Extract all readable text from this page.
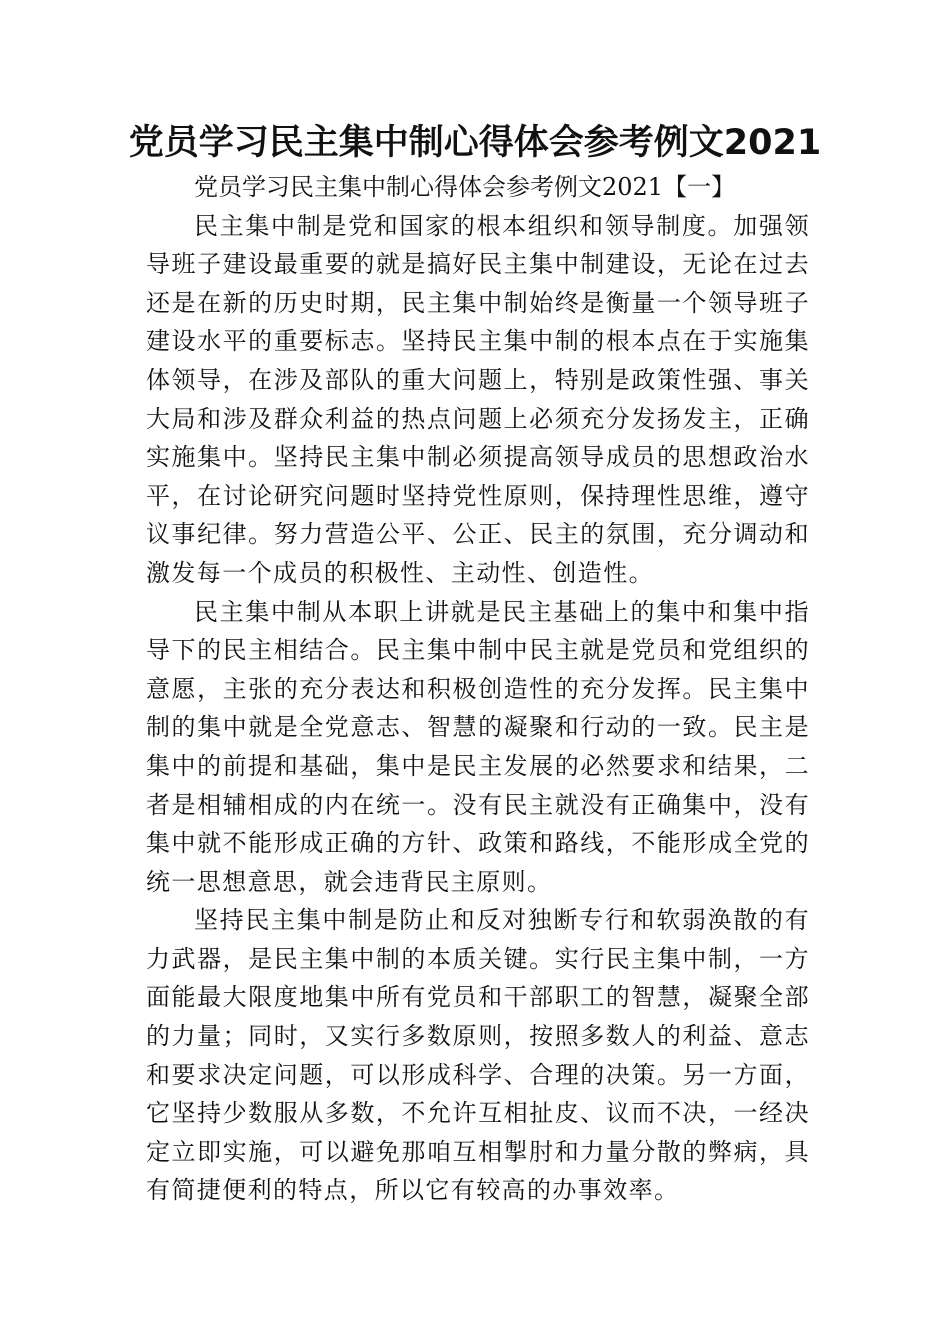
党员学习民主集中制心得体会参考例文2021

党员学习民主集中制心得体会参考例文2021【一】

民主集中制是党和国家的根本组织和领导制度。加强领导班子建设最重要的就是搞好民主集中制建设，无论在过去还是在新的历史时期，民主集中制始终是衡量一个领导班子建设水平的重要标志。坚持民主集中制的根本点在于实施集体领导，在涉及部队的重大问题上，特别是政策性强、事关大局和涉及群众利益的热点问题上必须充分发扬发主，正确实施集中。坚持民主集中制必须提高领导成员的思想政治水平，在讨论研究问题时坚持党性原则，保持理性思维，遵守议事纪律。努力营造公平、公正、民主的氛围，充分调动和激发每一个成员的积极性、主动性、创造性。

民主集中制从本职上讲就是民主基础上的集中和集中指导下的民主相结合。民主集中制中民主就是党员和党组织的意愿，主张的充分表达和积极创造性的充分发挥。民主集中制的集中就是全党意志、智慧的凝聚和行动的一致。民主是集中的前提和基础，集中是民主发展的必然要求和结果，二者是相辅相成的内在统一。没有民主就没有正确集中，没有集中就不能形成正确的方针、政策和路线，不能形成全党的统一思想意思，就会违背民主原则。

坚持民主集中制是防止和反对独断专行和软弱涣散的有力武器，是民主集中制的本质关键。实行民主集中制，一方面能最大限度地集中所有党员和干部职工的智慧，凝聚全部的力量；同时，又实行多数原则，按照多数人的利益、意志和要求决定问题，可以形成科学、合理的决策。另一方面，它坚持少数服从多数，不允许互相扯皮、议而不决，一经决定立即实施，可以避免那咱互相掣肘和力量分散的弊病，具有简捷便利的特点，所以它有较高的办事效率。
